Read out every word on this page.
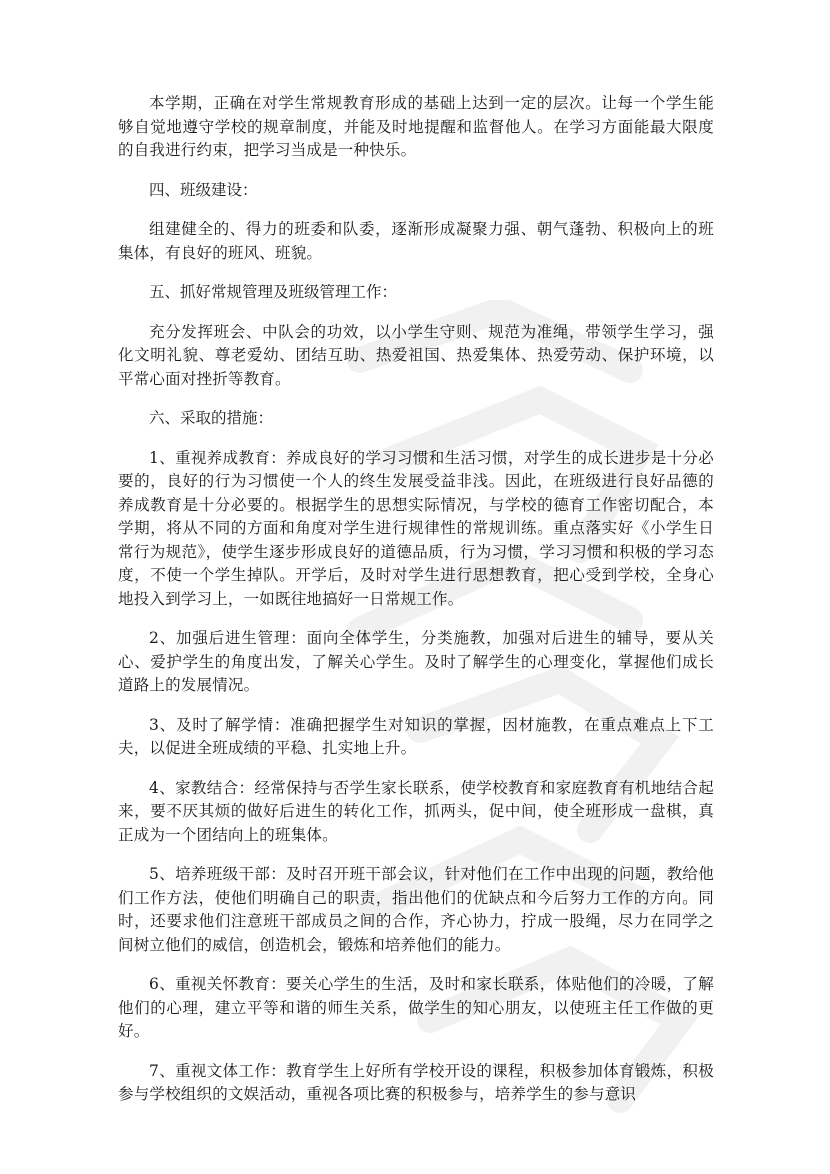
本学期，正确在对学生常规教育形成的基础上达到一定的层次。让每一个学生能够自觉地遵守学校的规章制度，并能及时地提醒和监督他人。在学习方面能最大限度的自我进行约束，把学习当成是一种快乐。

四、班级建设：

组建健全的、得力的班委和队委，逐渐形成凝聚力强、朝气蓬勃、积极向上的班集体，有良好的班风、班貌。

五、抓好常规管理及班级管理工作：

充分发挥班会、中队会的功效，以小学生守则、规范为准绳，带领学生学习，强化文明礼貌、尊老爱幼、团结互助、热爱祖国、热爱集体、热爱劳动、保护环境，以平常心面对挫折等教育。

六、采取的措施：

1、重视养成教育：养成良好的学习习惯和生活习惯，对学生的成长进步是十分必要的，良好的行为习惯使一个人的终生发展受益非浅。因此，在班级进行良好品德的养成教育是十分必要的。根据学生的思想实际情况，与学校的德育工作密切配合，本学期，将从不同的方面和角度对学生进行规律性的常规训练。重点落实好《小学生日常行为规范》，使学生逐步形成良好的道德品质，行为习惯，学习习惯和积极的学习态度，不使一个学生掉队。开学后，及时对学生进行思想教育，把心受到学校，全身心地投入到学习上，一如既往地搞好一日常规工作。

2、加强后进生管理：面向全体学生，分类施教，加强对后进生的辅导，要从关心、爱护学生的角度出发，了解关心学生。及时了解学生的心理变化，掌握他们成长道路上的发展情况。

3、及时了解学情：准确把握学生对知识的掌握，因材施教，在重点难点上下工夫，以促进全班成绩的平稳、扎实地上升。

4、家教结合：经常保持与否学生家长联系，使学校教育和家庭教育有机地结合起来，要不厌其烦的做好后进生的转化工作，抓两头，促中间，使全班形成一盘棋，真正成为一个团结向上的班集体。

5、培养班级干部：及时召开班干部会议，针对他们在工作中出现的问题，教给他们工作方法，使他们明确自己的职责，指出他们的优缺点和今后努力工作的方向。同时，还要求他们注意班干部成员之间的合作，齐心协力，拧成一股绳，尽力在同学之间树立他们的威信，创造机会，锻炼和培养他们的能力。

6、重视关怀教育：要关心学生的生活，及时和家长联系，体贴他们的冷暖，了解他们的心理，建立平等和谐的师生关系，做学生的知心朋友，以使班主任工作做的更好。

7、重视文体工作：教育学生上好所有学校开设的课程，积极参加体育锻炼，积极参与学校组织的文娱活动，重视各项比赛的积极参与，培养学生的参与意识
